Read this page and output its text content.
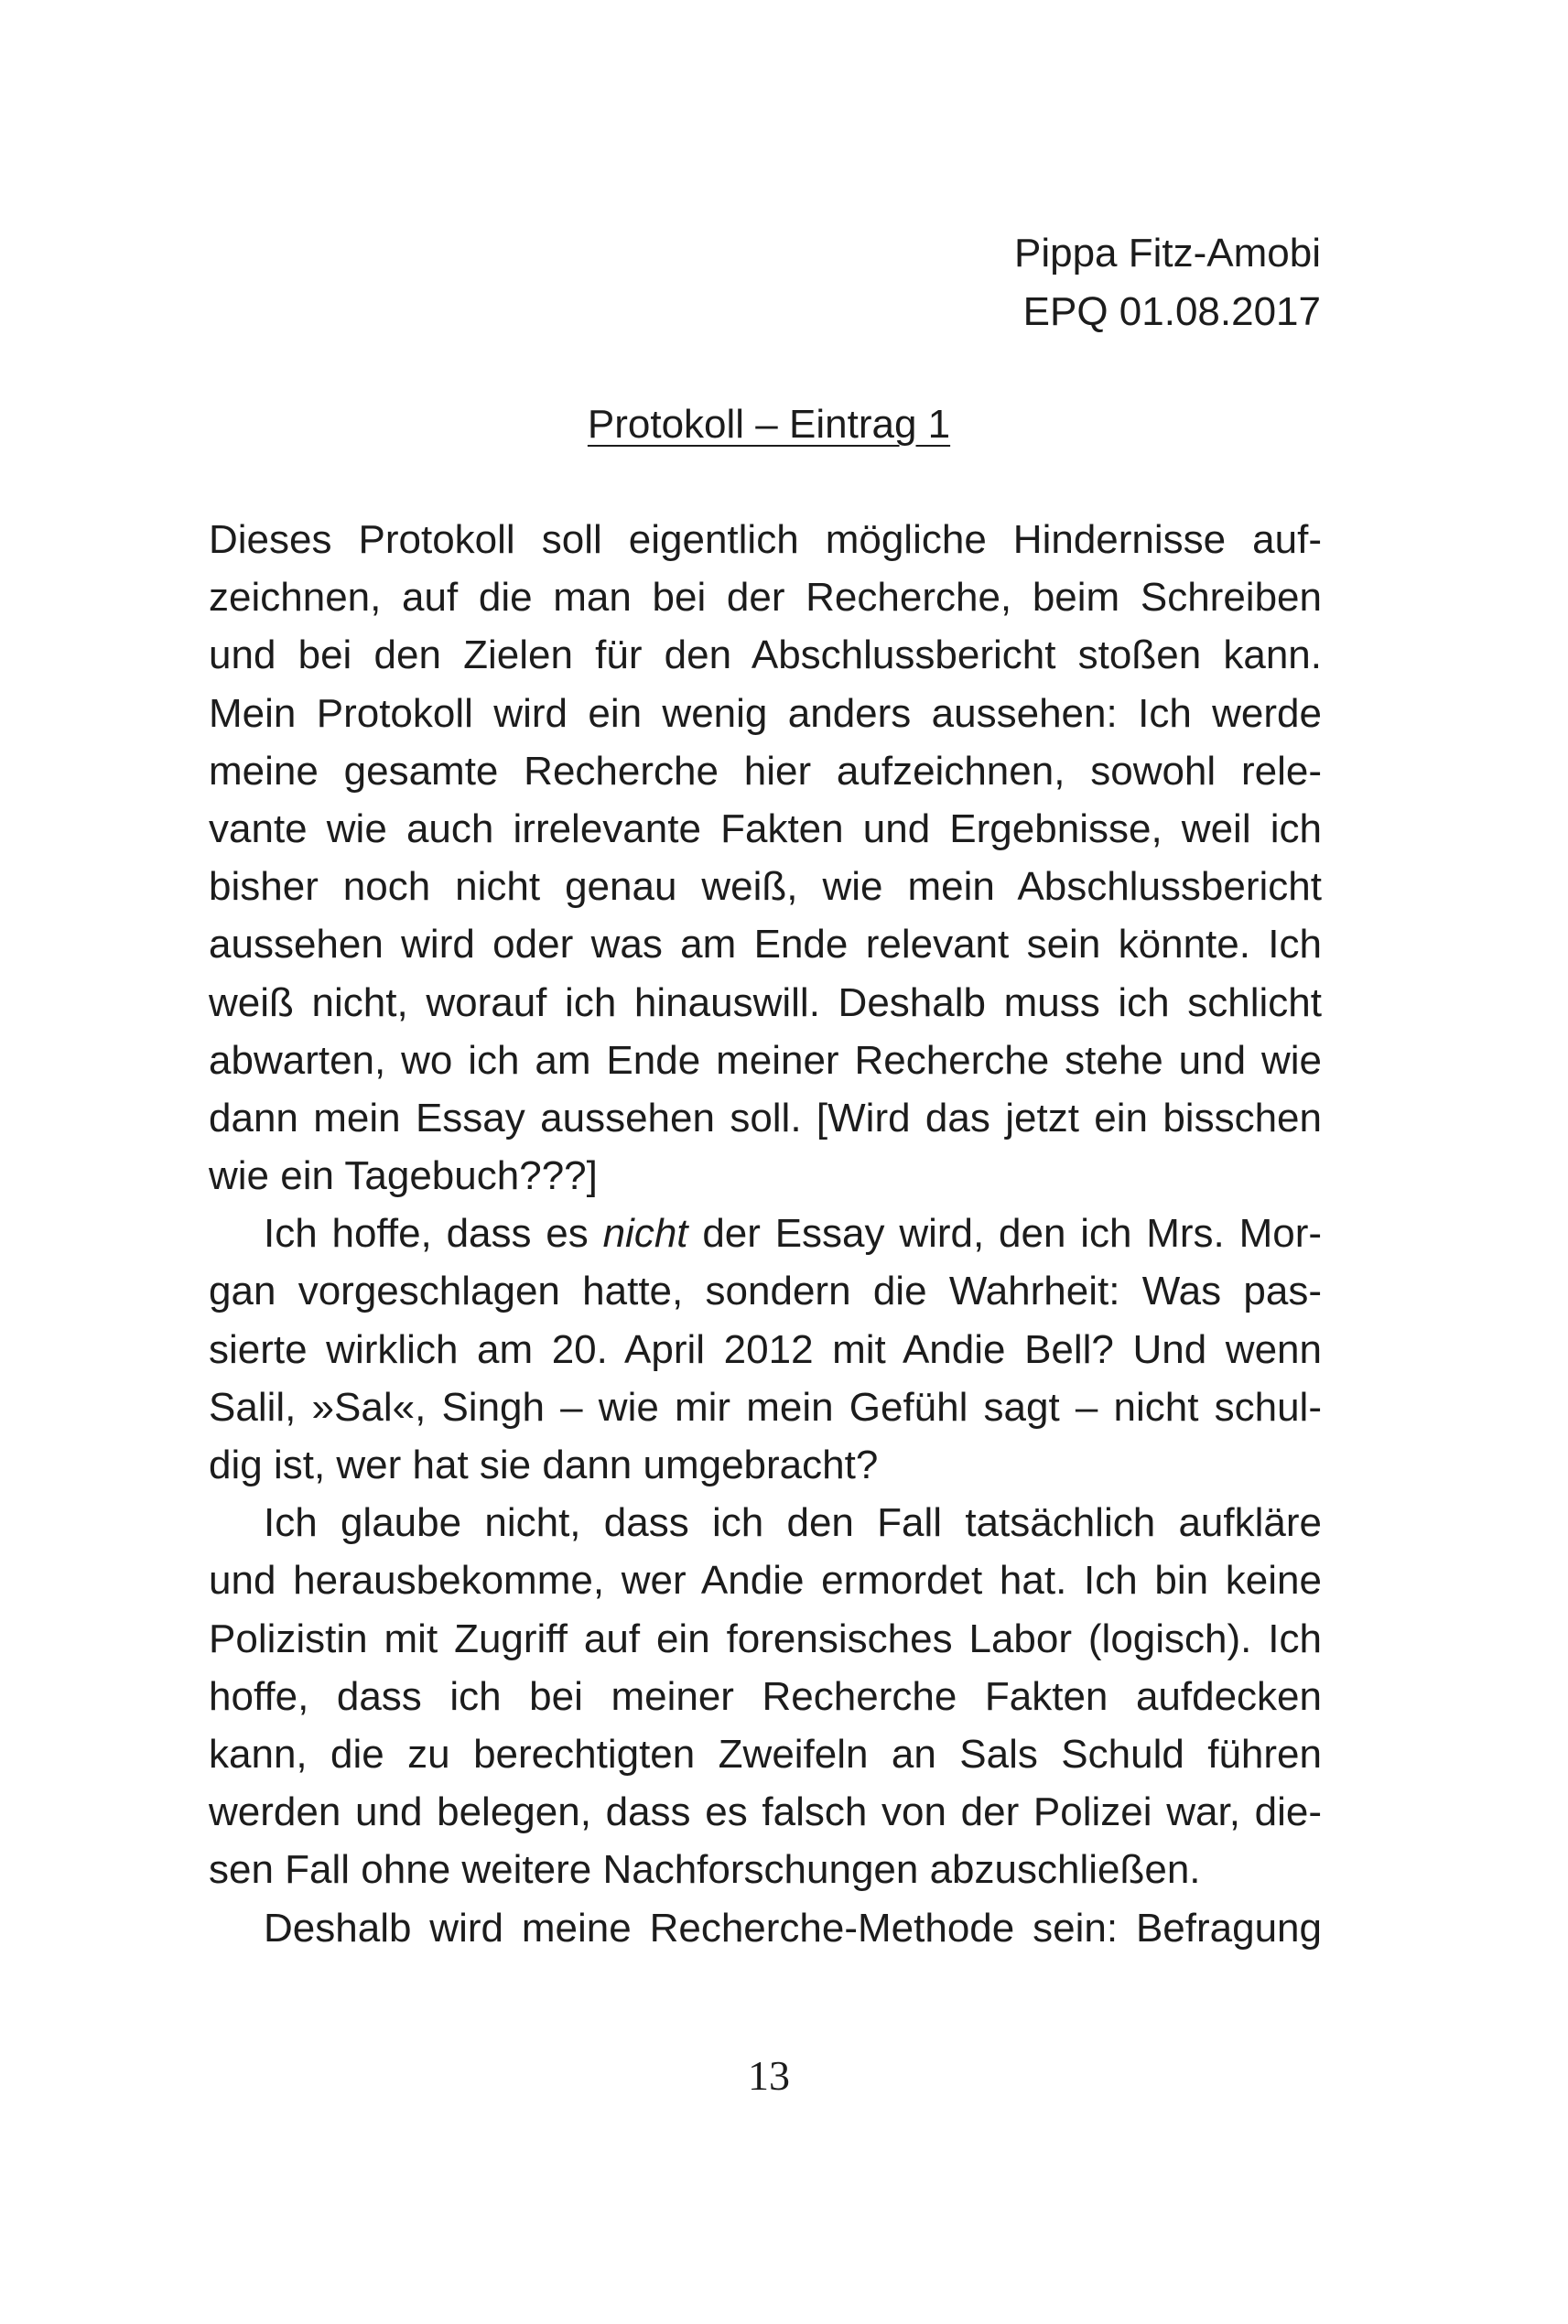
Pippa Fitz-Amobi
EPQ 01.08.2017
Protokoll – Eintrag 1
Dieses Protokoll soll eigentlich mögliche Hindernisse auf-
zeichnen, auf die man bei der Recherche, beim Schreiben
und bei den Zielen für den Abschlussbericht stoßen kann.
Mein Protokoll wird ein wenig anders aussehen: Ich werde
meine gesamte Recherche hier aufzeichnen, sowohl rele-
vante wie auch irrelevante Fakten und Ergebnisse, weil ich
bisher noch nicht genau weiß, wie mein Abschlussbericht
aussehen wird oder was am Ende relevant sein könnte. Ich
weiß nicht, worauf ich hinauswill. Deshalb muss ich schlicht
abwarten, wo ich am Ende meiner Recherche stehe und wie
dann mein Essay aussehen soll. [Wird das jetzt ein bisschen
wie ein Tagebuch???]
Ich hoffe, dass es nicht der Essay wird, den ich Mrs. Mor-
gan vorgeschlagen hatte, sondern die Wahrheit: Was pas-
sierte wirklich am 20. April 2012 mit Andie Bell? Und wenn
Salil, »Sal«, Singh – wie mir mein Gefühl sagt – nicht schul-
dig ist, wer hat sie dann umgebracht?
Ich glaube nicht, dass ich den Fall tatsächlich aufkläre
und herausbekomme, wer Andie ermordet hat. Ich bin keine
Polizistin mit Zugriff auf ein forensisches Labor (logisch). Ich
hoffe, dass ich bei meiner Recherche Fakten aufdecken
kann, die zu berechtigten Zweifeln an Sals Schuld führen
werden und belegen, dass es falsch von der Polizei war, die-
sen Fall ohne weitere Nachforschungen abzuschließen.
Deshalb wird meine Recherche-Methode sein: Befragung
13
